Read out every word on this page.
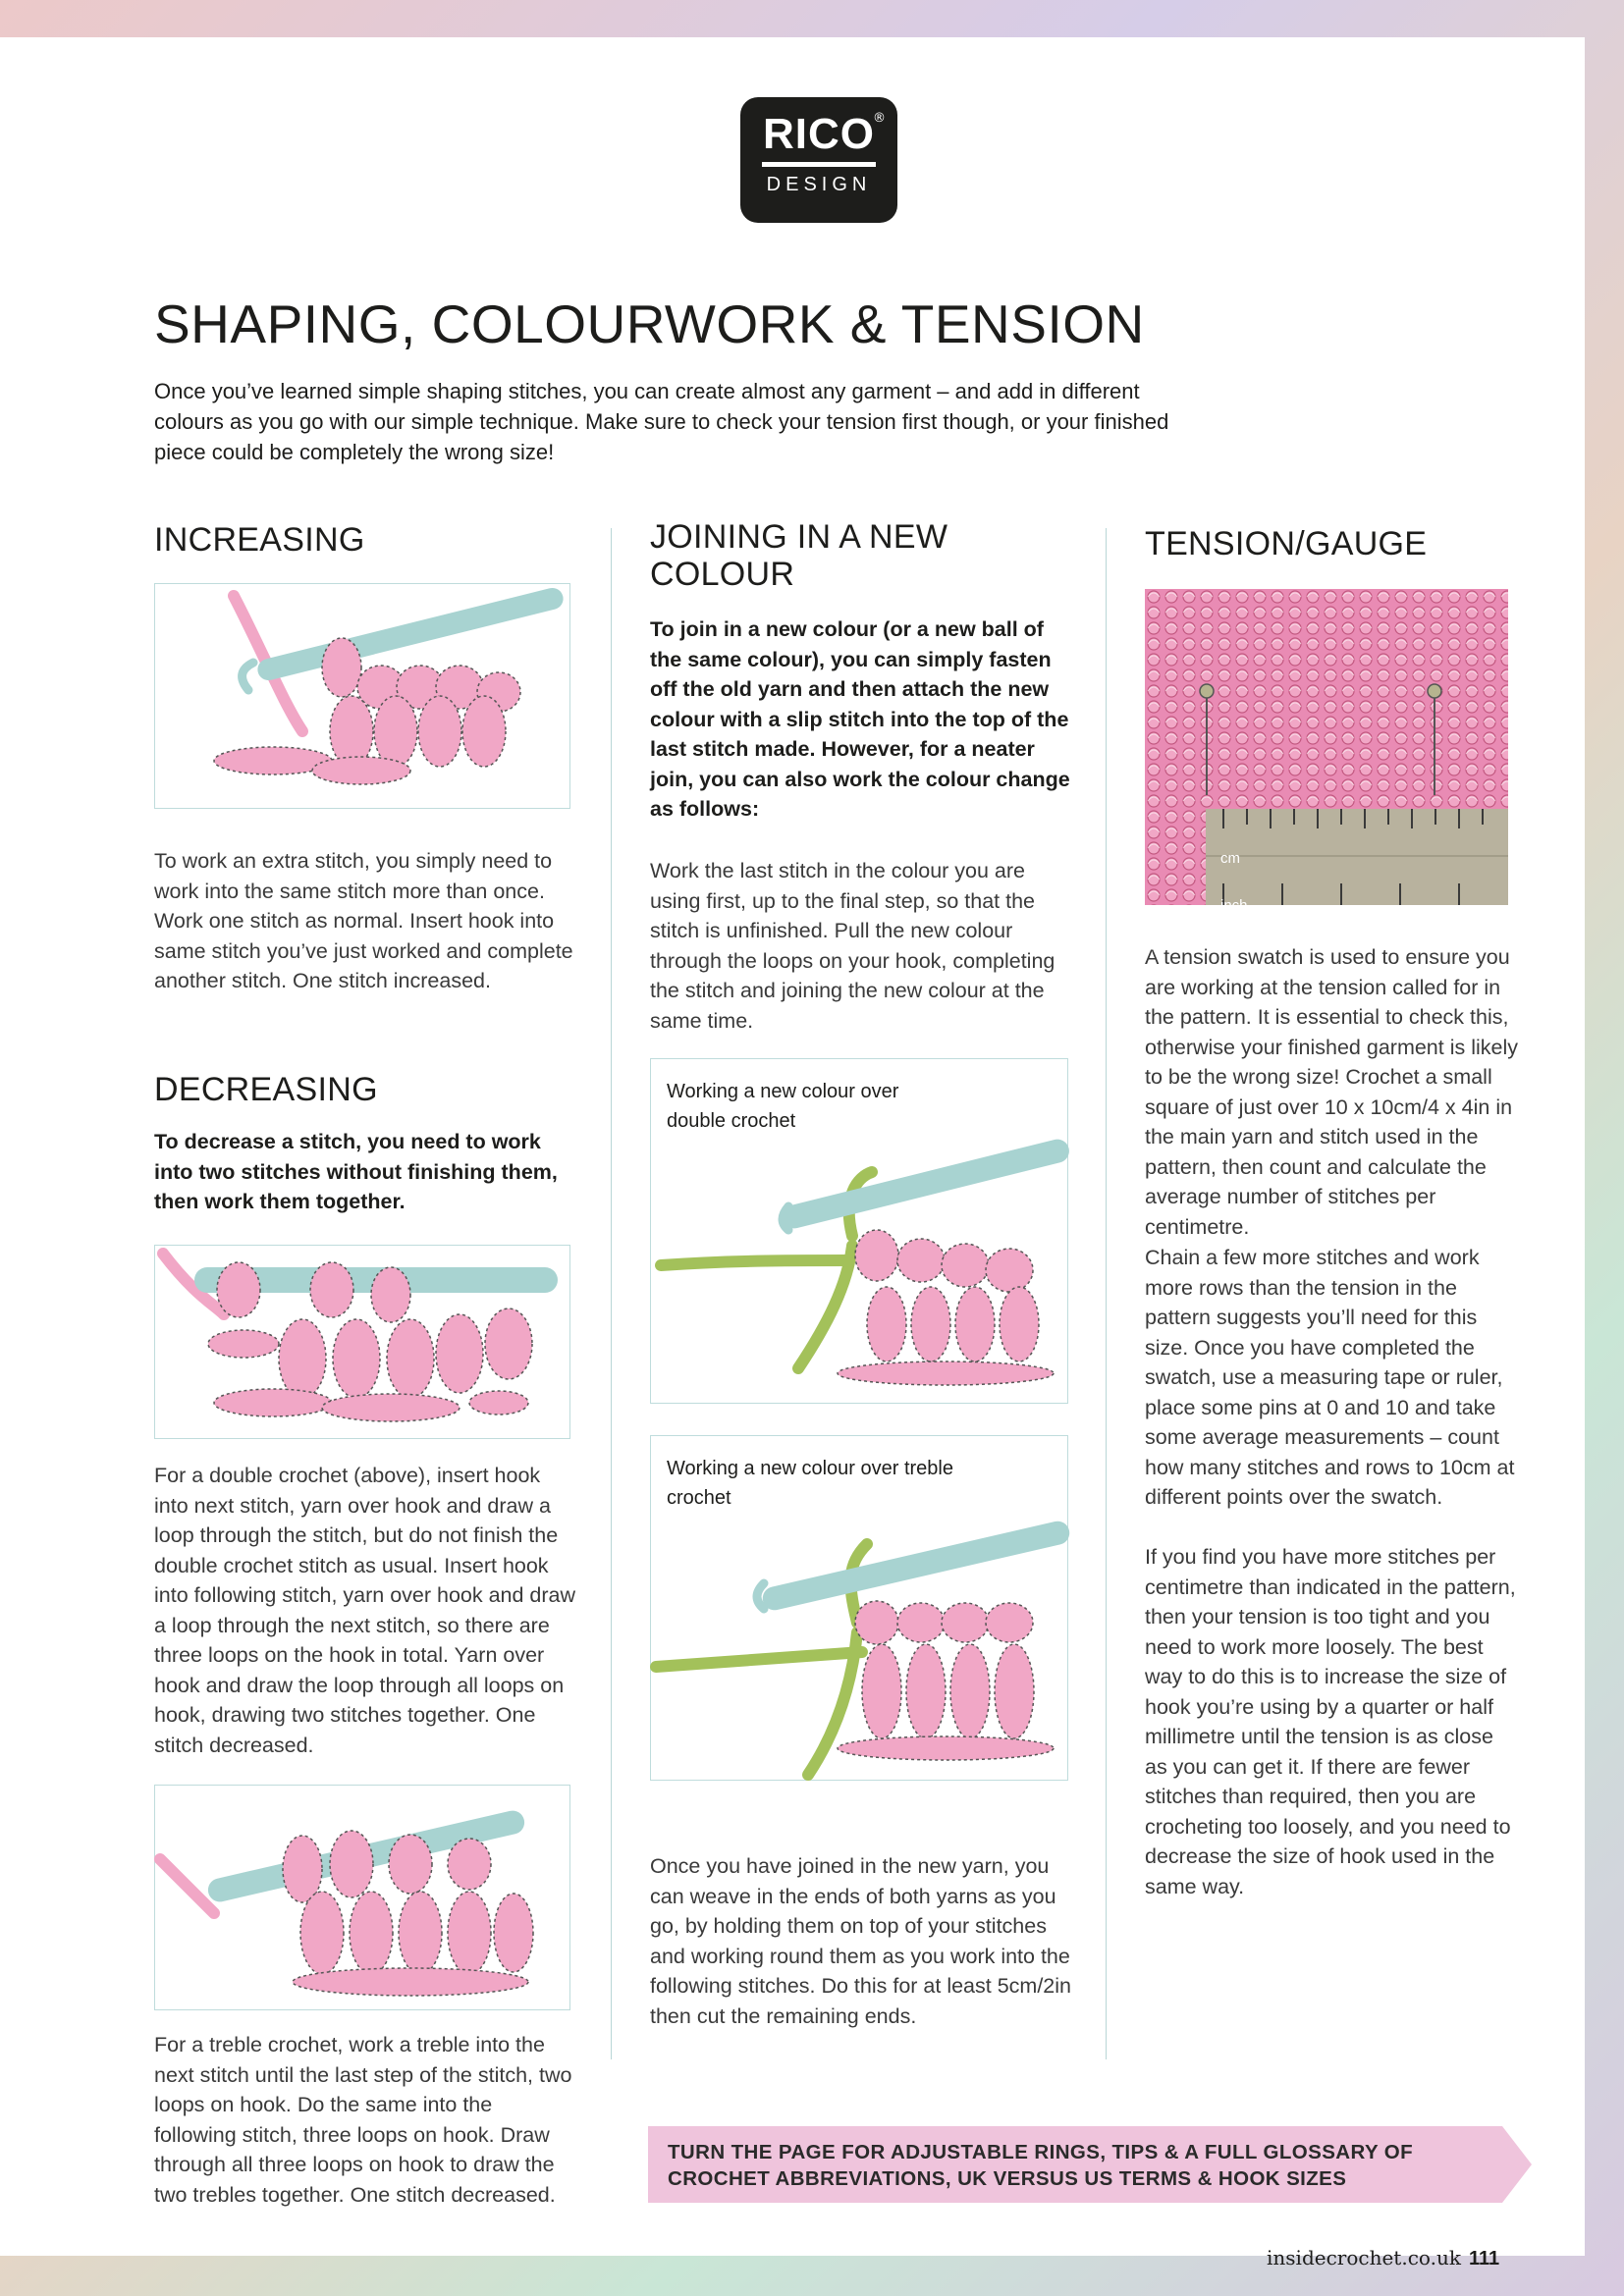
RICO
®
DESIGN
SHAPING, COLOURWORK & TENSION

Once you’ve learned simple shaping stitches, you can create almost any garment – and add in different colours as you go with our simple technique. Make sure to check your tension first though, or your finished piece could be completely the wrong size!

INCREASING

To work an extra stitch, you simply need to work into the same stitch more than once. Work one stitch as normal. Insert hook into same stitch you’ve just worked and complete another stitch. One stitch increased.

DECREASING

To decrease a stitch, you need to work into two stitches without finishing them, then work them together.

For a double crochet (above), insert hook into next stitch, yarn over hook and draw a loop through the stitch, but do not finish the double crochet stitch as usual. Insert hook into following stitch, yarn over hook and draw a loop through the next stitch, so there are three loops on the hook in total. Yarn over hook and draw the loop through all loops on hook, drawing two stitches together. One stitch decreased.

For a treble crochet, work a treble into the next stitch until the last step of the stitch, two loops on hook. Do the same into the following stitch, three loops on hook. Draw through all three loops on hook to draw the two trebles together. One stitch decreased.

JOINING IN A NEW COLOUR

To join in a new colour (or a new ball of the same colour), you can simply fasten off the old yarn and then attach the new colour with a slip stitch into the top of the last stitch made. However, for a neater join, you can also work the colour change as follows:

Work the last stitch in the colour you are using first, up to the final step, so that the stitch is unfinished. Pull the new colour through the loops on your hook, completing the stitch and joining the new colour at the same time.

Working a new colour over double crochet
Working a new colour over treble crochet

Once you have joined in the new yarn, you can weave in the ends of both yarns as you go, by holding them on top of your stitches and working round them as you work into the following stitches. Do this for at least 5cm/2in then cut the remaining ends.

TENSION/GAUGE
cm
inch

A tension swatch is used to ensure you are working at the tension called for in the pattern. It is essential to check this, otherwise your finished garment is likely to be the wrong size! Crochet a small square of just over 10 x 10cm/4 x 4in in the main yarn and stitch used in the pattern, then count and calculate the average number of stitches per centimetre.

Chain a few more stitches and work more rows than the tension in the pattern suggests you’ll need for this size. Once you have completed the swatch, use a measuring tape or ruler, place some pins at 0 and 10 and take some average measurements – count how many stitches and rows to 10cm at different points over the swatch.

If you find you have more stitches per centimetre than indicated in the pattern, then your tension is too tight and you need to work more loosely. The best way to do this is to increase the size of hook you’re using by a quarter or half millimetre until the tension is as close as you can get it. If there are fewer stitches than required, then you are crocheting too loosely, and you need to decrease the size of hook used in the same way.

TURN THE PAGE FOR ADJUSTABLE RINGS, TIPS & A FULL GLOSSARY OF CROCHET ABBREVIATIONS, UK VERSUS US TERMS & HOOK SIZES
insidecrochet.co.uk 111
